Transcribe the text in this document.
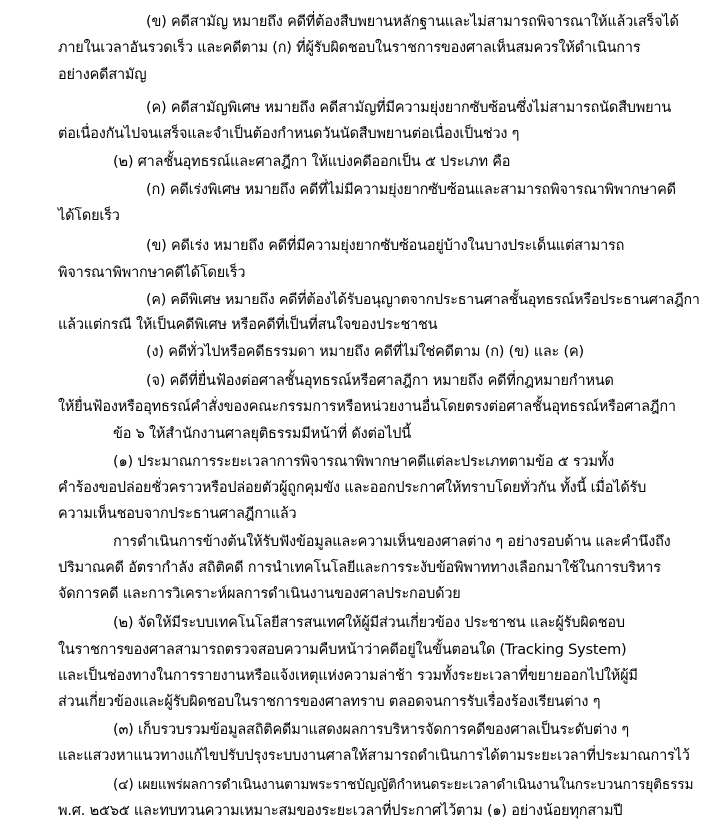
(ข) คดีสามัญ หมายถึง คดีที่ต้องสืบพยานหลักฐานและไม่สามารถพิจารณาให้แล้วเสร็จได้
ภายในเวลาอันรวดเร็ว และคดีตาม (ก) ที่ผู้รับผิดชอบในราชการของศาลเห็นสมควรให้ดำเนินการ
อย่างคดีสามัญ
(ค) คดีสามัญพิเศษ หมายถึง คดีสามัญที่มีความยุ่งยากซับซ้อนซึ่งไม่สามารถนัดสืบพยาน
ต่อเนื่องกันไปจนเสร็จและจำเป็นต้องกำหนดวันนัดสืบพยานต่อเนื่องเป็นช่วง ๆ
(๒) ศาลชั้นอุทธรณ์และศาลฎีกา ให้แบ่งคดีออกเป็น ๕ ประเภท คือ
(ก) คดีเร่งพิเศษ หมายถึง คดีที่ไม่มีความยุ่งยากซับซ้อนและสามารถพิจารณาพิพากษาคดี
ได้โดยเร็ว
(ข) คดีเร่ง หมายถึง คดีที่มีความยุ่งยากซับซ้อนอยู่บ้างในบางประเด็นแต่สามารถ
พิจารณาพิพากษาคดีได้โดยเร็ว
(ค) คดีพิเศษ หมายถึง คดีที่ต้องได้รับอนุญาตจากประธานศาลชั้นอุทธรณ์หรือประธานศาลฎีกา
แล้วแต่กรณี ให้เป็นคดีพิเศษ หรือคดีที่เป็นที่สนใจของประชาชน
(ง) คดีทั่วไปหรือคดีธรรมดา หมายถึง คดีที่ไม่ใช่คดีตาม (ก) (ข) และ (ค)
(จ) คดีที่ยื่นฟ้องต่อศาลชั้นอุทธรณ์หรือศาลฎีกา หมายถึง คดีที่กฎหมายกำหนด
ให้ยื่นฟ้องหรืออุทธรณ์คำสั่งของคณะกรรมการหรือหน่วยงานอื่นโดยตรงต่อศาลชั้นอุทธรณ์หรือศาลฎีกา
ข้อ ๖ ให้สำนักงานศาลยุติธรรมมีหน้าที่ ดังต่อไปนี้
(๑) ประมาณการระยะเวลาการพิจารณาพิพากษาคดีแต่ละประเภทตามข้อ ๕ รวมทั้ง
คำร้องขอปล่อยชั่วคราวหรือปล่อยตัวผู้ถูกคุมขัง และออกประกาศให้ทราบโดยทั่วกัน ทั้งนี้ เมื่อได้รับ
ความเห็นชอบจากประธานศาลฎีกาแล้ว
การดำเนินการข้างต้นให้รับฟังข้อมูลและความเห็นของศาลต่าง ๆ อย่างรอบด้าน และคำนึงถึง
ปริมาณคดี อัตรากำลัง สถิติคดี การนำเทคโนโลยีและการระงับข้อพิพาททางเลือกมาใช้ในการบริหาร
จัดการคดี และการวิเคราะห์ผลการดำเนินงานของศาลประกอบด้วย
(๒) จัดให้มีระบบเทคโนโลยีสารสนเทศให้ผู้มีส่วนเกี่ยวข้อง ประชาชน และผู้รับผิดชอบ
ในราชการของศาลสามารถตรวจสอบความคืบหน้าว่าคดีอยู่ในขั้นตอนใด (Tracking System)
และเป็นช่องทางในการรายงานหรือแจ้งเหตุแห่งความล่าช้า รวมทั้งระยะเวลาที่ขยายออกไปให้ผู้มี
ส่วนเกี่ยวข้องและผู้รับผิดชอบในราชการของศาลทราบ ตลอดจนการรับเรื่องร้องเรียนต่าง ๆ
(๓) เก็บรวบรวมข้อมูลสถิติคดีมาแสดงผลการบริหารจัดการคดีของศาลเป็นระดับต่าง ๆ
และแสวงหาแนวทางแก้ไขปรับปรุงระบบงานศาลให้สามารถดำเนินการได้ตามระยะเวลาที่ประมาณการไว้
(๔) เผยแพร่ผลการดำเนินงานตามพระราชบัญญัติกำหนดระยะเวลาดำเนินงานในกระบวนการยุติธรรม
พ.ศ. ๒๕๖๕ และทบทวนความเหมาะสมของระยะเวลาที่ประกาศไว้ตาม (๑) อย่างน้อยทุกสามปี
